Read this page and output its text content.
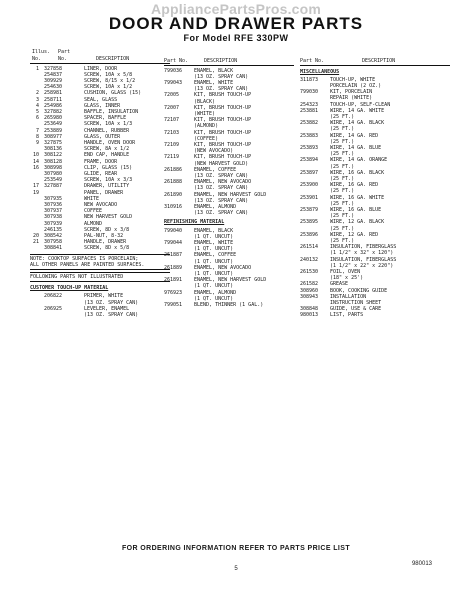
AppliancePartsPros.com
DOOR AND DRAWER PARTS
For Model RFE 330PW
Illus. Part
No.	No.	DESCRIPTION
1 327858	LINER, DOOR
254837	SCREW, 10A x 5/8
309929	SCREW, 8/15 x 1/2
254630	SCREW, 10A x 1/2
2 258981	CUSHION, GLASS (15)
3 258711	SEAL, GLASS
4 254986	GLASS, INNER
5 327882	BAFFLE, INSULATION
6 265980	SPACER, BAFFLE
253649	SCREW, 10A x 1/3
7 253889	CHANNEL, RUBBER
8 308977	GLASS, OUTER
9 327875	HANDLE, OVEN DOOR
308136	SCREW, 8A x 1/2
10 308122	END CAP, HANDLE
14 308128	FRAME, DOOR
16 308998	CLIP, GLASS (15)
307980	GLIDE, REAR
253549	SCREW, 10A x 3/3
17 327887	DRAWER, UTILITY
19	PANEL, DRAWER
307935	WHITE
307936	NEW AVOCADO
307937	COFFEE
307938	NEW HARVEST GOLD
307939	ALMOND
246135	SCREW, 8D x 3/8
20 308542	PAL-NUT, 8-32
21 307958	HANDLE, DRAWER
308841	SCREW, 8D x 5/8
NOTE: COOKTOP SURFACES IS PORCELAIN;
ALL OTHER PANELS ARE PAINTED SURFACES.
FOLLOWING PARTS NOT ILLUSTRATED
CUSTOMER TOUCH-UP MATERIAL
206822	PRIMER, WHITE
(13 OZ. SPRAY CAN)
206925	LEVELER, ENAMEL
(13 OZ. SPRAY CAN)
Part No.	DESCRIPTION
799036	ENAMEL, BLACK
(13 OZ. SPRAY CAN)
799043	ENAMEL, WHITE
(13 OZ. SPRAY CAN)
72005	KIT, BRUSH TOUCH-UP
(BLACK)
72007	KIT, BRUSH TOUCH-UP
(WHITE)
72107	KIT, BRUSH TOUCH-UP
(ALMOND)
72103	KIT, BRUSH TOUCH-UP
(COFFEE)
72109	KIT, BRUSH TOUCH-UP
(NEW AVOCADO)
72119	KIT, BRUSH TOUCH-UP
(NEW HARVEST GOLD)
261886	ENAMEL, COFFEE
(13 OZ. SPRAY CAN)
261888	ENAMEL, NEW AVOCADO
(13 OZ. SPRAY CAN)
261890	ENAMEL, NEW HARVEST GOLD
(13 OZ. SPRAY CAN)
310916	ENAMEL, ALMOND
(13 OZ. SPRAY CAN)
REFINISHING MATERIAL
799040	ENAMEL, BLACK
(1 QT. UNCUT)
799044	ENAMEL, WHITE
(1 QT. UNCUT)
261887	ENAMEL, COFFEE
(1 QT. UNCUT)
261889	ENAMEL, NEW AVOCADO
(1 QT. UNCUT)
261891	ENAMEL, NEW HARVEST GOLD
(1 QT. UNCUT)
976923	ENAMEL, ALMOND
(1 QT. UNCUT)
799051	BLEND, THINNER (1 GAL.)
Part No.	DESCRIPTION
MISCELLANEOUS
311873	TOUCH-UP, WHITE
PORCELAIN (2 OZ.)
799030	KIT, PORCELAIN
REPAIR (WHITE)
254323	TOUCH-UP, SELF-CLEAN
253881	WIRE, 14 GA. WHITE
(25 FT.)
253882	WIRE, 14 GA. BLACK
(25 FT.)
253883	WIRE, 14 GA. RED
(25 FT.)
253893	WIRE, 14 GA. BLUE
(25 FT.)
253894	WIRE, 14 GA. ORANGE
(25 FT.)
253897	WIRE, 16 GA. BLACK
(25 FT.)
253900	WIRE, 16 GA. RED
(25 FT.)
253901	WIRE, 16 GA. WHITE
(25 FT.)
253879	WIRE, 16 GA. BLUE
(25 FT.)
253895	WIRE, 12 GA. BLACK
(25 FT.)
253896	WIRE, 12 GA. RED
(25 FT.)
261514	INSULATION, FIBERGLASS
(1 1/2" x 32" x 120")
240132	INSULATION, FIBERGLASS
(1 1/2" x 22" x 220")
261530	FOIL, OVEN
(18" x 25')
261582	GREASE
308960	BOOK, COOKING GUIDE
308943	INSTALLATION
INSTRUCTION SHEET
308848	GUIDE, USE & CARE
980013	LIST, PARTS
FOR ORDERING INFORMATION REFER TO PARTS PRICE LIST
5
980013
